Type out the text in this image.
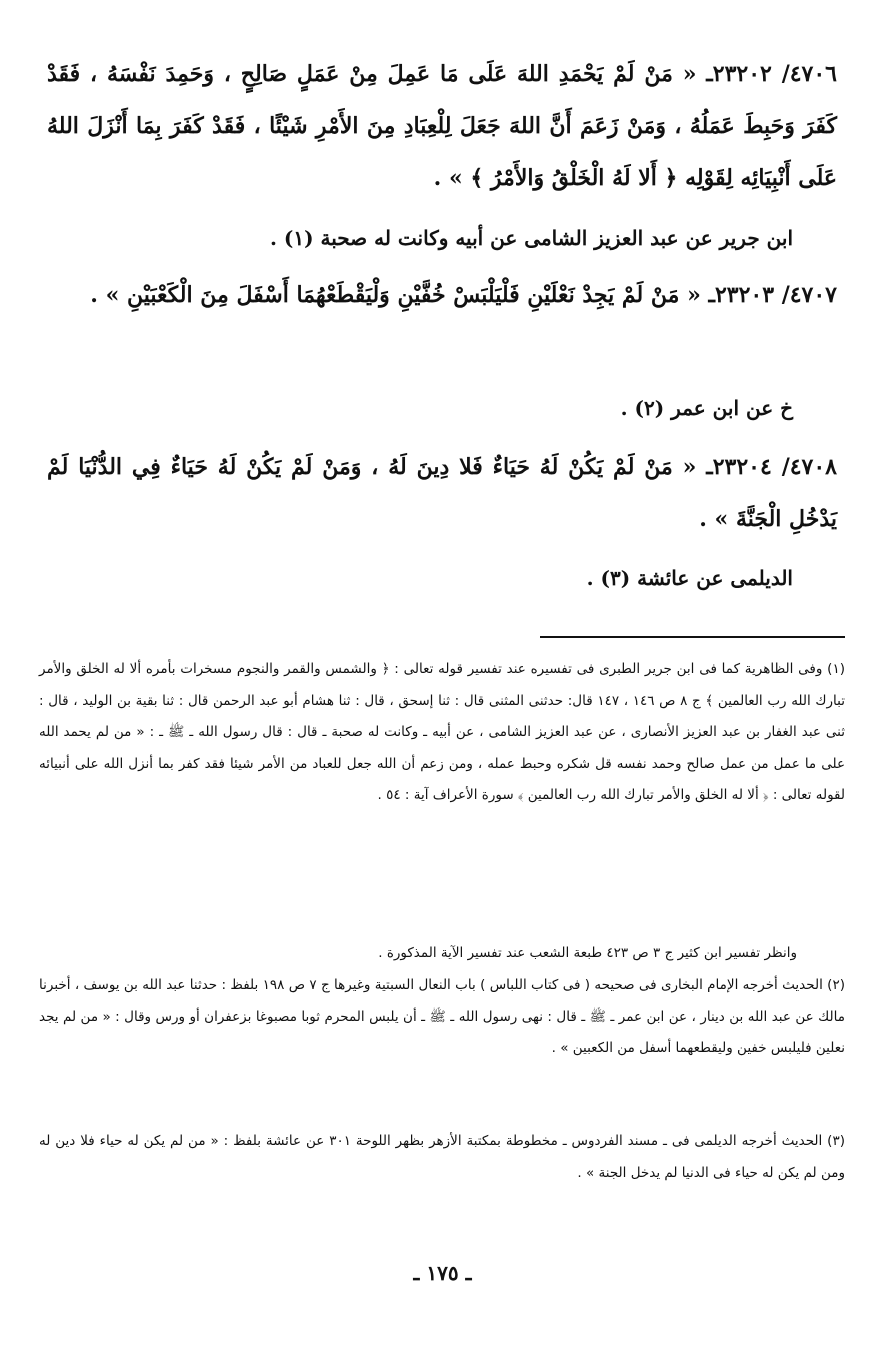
٤٧٠٦/ ٢٣٢٠٢ـ « مَنْ لَمْ يَحْمَدِ اللهَ عَلَى مَا عَمِلَ مِنْ عَمَلٍ صَالِحٍ ، وَحَمِدَ نَفْسَهُ ، فَقَدْ كَفَرَ وَحَبِطَ عَمَلُهُ ، وَمَنْ زَعَمَ أَنَّ اللهَ جَعَلَ لِلْعِبَادِ مِنَ الأَمْرِ شَيْئًا ، فَقَدْ كَفَرَ بِمَا أَنْزَلَ اللهُ عَلَى أَنْبِيَائِه لِقَوْلِه ﴿ أَلا لَهُ الْخَلْقُ وَالأَمْرُ ﴾ » .
ابن جرير عن عبد العزيز الشامى عن أبيه وكانت له صحبة (١) .
٤٧٠٧/ ٢٣٢٠٣ـ « مَنْ لَمْ يَجِدْ نَعْلَيْنِ فَلْيَلْبَسْ خُفَّيْنِ وَلْيَقْطَعْهُمَا أَسْفَلَ مِنَ الْكَعْبَيْنِ » .
خ عن ابن عمر (٢) .
٤٧٠٨/ ٢٣٢٠٤ـ « مَنْ لَمْ يَكُنْ لَهُ حَيَاءٌ فَلا دِينَ لَهُ ، وَمَنْ لَمْ يَكُنْ لَهُ حَيَاءٌ فِي الدُّنْيَا لَمْ يَدْخُلِ الْجَنَّةَ » .
الديلمى عن عائشة (٣) .
(١) وفى الظاهرية كما فى ابن جرير الطبرى فى تفسيره عند تفسير قوله تعالى : ﴿ والشمس والقمر والنجوم مسخرات بأمره ألا له الخلق والأمر تبارك الله رب العالمين ﴾ ج ٨ ص ١٤٦ ، ١٤٧ قال: حدثنى المثنى قال : ثنا إسحق ، قال : ثنا هشام أبو عبد الرحمن قال : ثنا بقية بن الوليد ، قال : ثنى عبد الغفار بن عبد العزيز الأنصارى ، عن عبد العزيز الشامى ، عن أبيه ـ وكانت له صحبة ـ قال : قال رسول الله ـ ﷺ ـ : « من لم يحمد الله على ما عمل من عمل صالح وحمد نفسه قل شكره وحبط عمله ، ومن زعم أن الله جعل للعباد من الأمر شيئا فقد كفر بما أنزل الله على أنبيائه لقوله تعالى : ﴿ ألا له الخلق والأمر تبارك الله رب العالمين ﴾ سورة الأعراف آية : ٥٤ .
وانظر تفسير ابن كثير ج ٣ ص ٤٢٣ طبعة الشعب عند تفسير الآية المذكورة .
(٢) الحديث أخرجه الإمام البخارى فى صحيحه ( فى كتاب اللباس ) باب النعال السبتية وغيرها ج ٧ ص ١٩٨ بلفظ : حدثنا عبد الله بن يوسف ، أخبرنا مالك عن عبد الله بن دينار ، عن ابن عمر ـ ﷺ ـ قال : نهى رسول الله ـ ﷺ ـ أن يلبس المحرم ثوبا مصبوغا بزعفران أو ورس وقال : « من لم يجد نعلين فليلبس خفين وليقطعهما أسفل من الكعبين » .
(٣) الحديث أخرجه الديلمى فى ـ مسند الفردوس ـ مخطوطة بمكتبة الأزهر بظهر اللوحة ٣٠١ عن عائشة بلفظ : « من لم يكن له حياء فلا دين له ومن لم يكن له حياء فى الدنيا لم يدخل الجنة » .
ـ ١٧٥ ـ
